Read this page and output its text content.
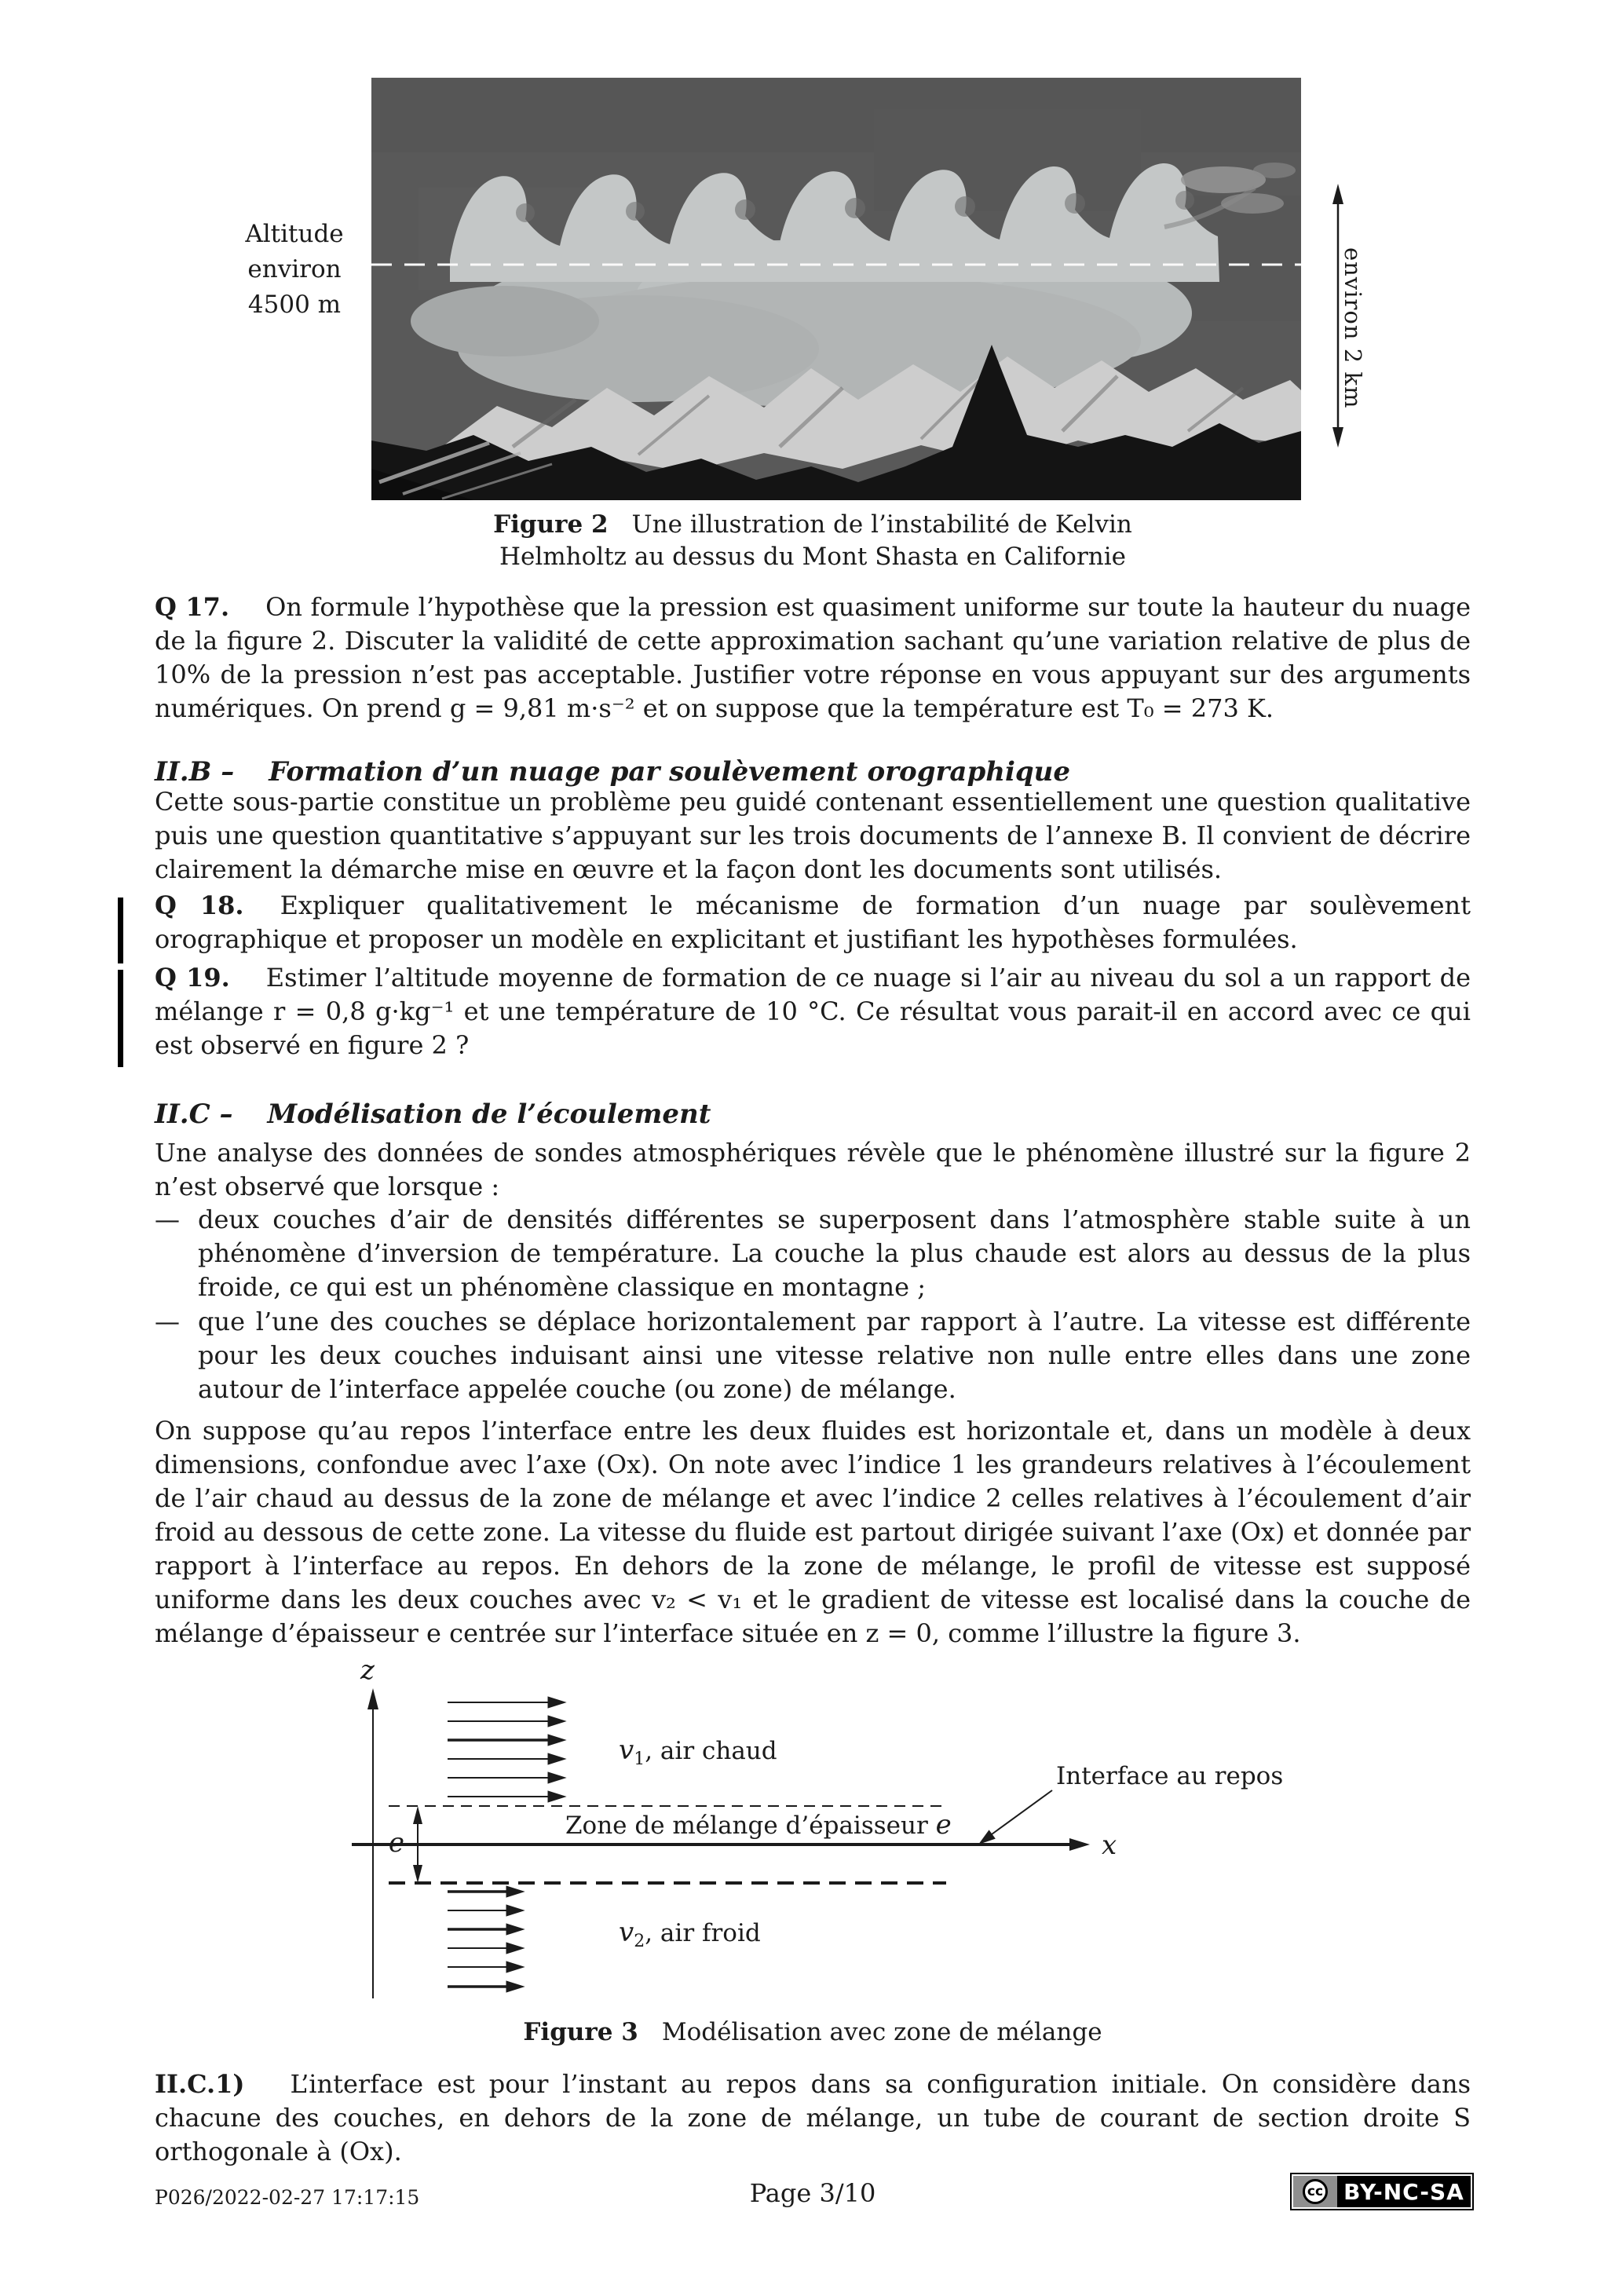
Altitude
environ
4500 m	environ 2 km
Figure 2 Une illustration de l’instabilité de Kelvin
Helmholtz au dessus du Mont Shasta en Californie
Q 17. On formule l’hypothèse que la pression est quasiment uniforme sur toute la hauteur du nuage de la figure 2. Discuter la validité de cette approximation sachant qu’une variation relative de plus de 10% de la pression n’est pas acceptable. Justifier votre réponse en vous appuyant sur des arguments numériques. On prend g = 9,81 m·s⁻² et on suppose que la température est T₀ = 273 K.
II.B – Formation d’un nuage par soulèvement orographique
Cette sous-partie constitue un problème peu guidé contenant essentiellement une question qualitative puis une question quantitative s’appuyant sur les trois documents de l’annexe B. Il convient de décrire clairement la démarche mise en œuvre et la façon dont les documents sont utilisés.
Q 18. Expliquer qualitativement le mécanisme de formation d’un nuage par soulèvement orographique et proposer un modèle en explicitant et justifiant les hypothèses formulées.
Q 19. Estimer l’altitude moyenne de formation de ce nuage si l’air au niveau du sol a un rapport de mélange r = 0,8 g·kg⁻¹ et une température de 10 °C. Ce résultat vous parait-il en accord avec ce qui est observé en figure 2 ?
II.C – Modélisation de l’écoulement
Une analyse des données de sondes atmosphériques révèle que le phénomène illustré sur la figure 2 n’est observé que lorsque :
— deux couches d’air de densités différentes se superposent dans l’atmosphère stable suite à un phénomène d’inversion de température. La couche la plus chaude est alors au dessus de la plus froide, ce qui est un phénomène classique en montagne ;
— que l’une des couches se déplace horizontalement par rapport à l’autre. La vitesse est différente pour les deux couches induisant ainsi une vitesse relative non nulle entre elles dans une zone autour de l’interface appelée couche (ou zone) de mélange.
On suppose qu’au repos l’interface entre les deux fluides est horizontale et, dans un modèle à deux dimensions, confondue avec l’axe (Ox). On note avec l’indice 1 les grandeurs relatives à l’écoulement de l’air chaud au dessus de la zone de mélange et avec l’indice 2 celles relatives à l’écoulement d’air froid au dessous de cette zone. La vitesse du fluide est partout dirigée suivant l’axe (Ox) et donnée par rapport à l’interface au repos. En dehors de la zone de mélange, le profil de vitesse est supposé uniforme dans les deux couches avec v₂ < v₁ et le gradient de vitesse est localisé dans la couche de mélange d’épaisseur e centrée sur l’interface située en z = 0, comme l’illustre la figure 3.
z
x
e
Zone de mélange d’épaisseur e
$v_1$, air chaud
$v_2$, air froid
Interface au repos
Figure 3 Modélisation avec zone de mélange
II.C.1) L’interface est pour l’instant au repos dans sa configuration initiale. On considère dans chacune des couches, en dehors de la zone de mélange, un tube de courant de section droite S orthogonale à (Ox).
P026/2022-02-27 17:17:15	Page 3/10	cc BY-NC-SA
